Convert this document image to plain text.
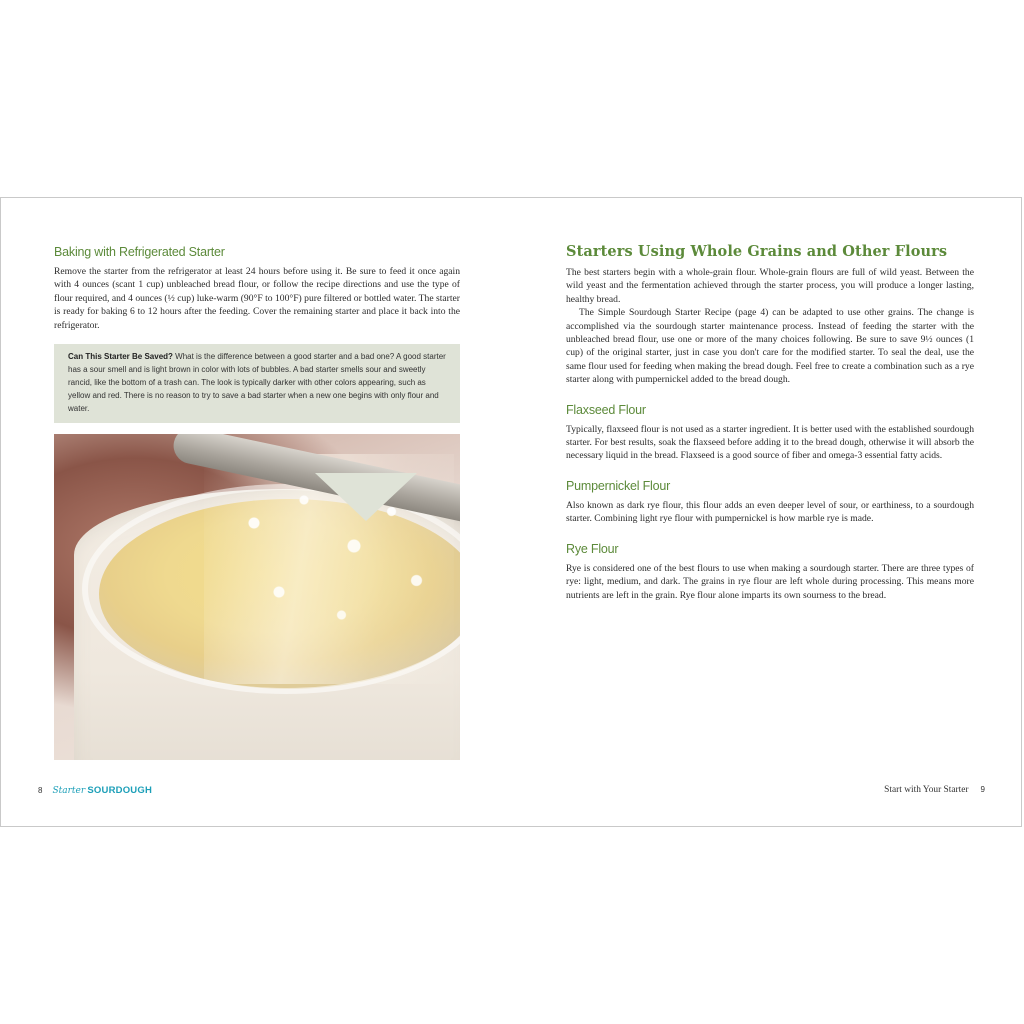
Baking with Refrigerated Starter

Remove the starter from the refrigerator at least 24 hours before using it. Be sure to feed it once again with 4 ounces (scant 1 cup) unbleached bread flour, or follow the recipe directions and use the type of flour required, and 4 ounces (½ cup) luke-warm (90°F to 100°F) pure filtered or bottled water. The starter is ready for baking 6 to 12 hours after the feeding. Cover the remaining starter and place it back into the refrigerator.

Can This Starter Be Saved? What is the difference between a good starter and a bad one? A good starter has a sour smell and is light brown in color with lots of bubbles. A bad starter smells sour and sweetly rancid, like the bottom of a trash can. The look is typically darker with other colors appearing, such as yellow and red. There is no reason to try to save a bad starter when a new one begins with only flour and water.
8 Starter SOURDOUGH
Starters Using Whole Grains and Other Flours

The best starters begin with a whole-grain flour. Whole-grain flours are full of wild yeast. Between the wild yeast and the fermentation achieved through the starter process, you will produce a longer lasting, healthy bread.

The Simple Sourdough Starter Recipe (page 4) can be adapted to use other grains. The change is accomplished via the sourdough starter maintenance process. Instead of feeding the starter with the unbleached bread flour, use one or more of the many choices following. Be sure to save 9½ ounces (1 cup) of the original starter, just in case you don't care for the modified starter. To seal the deal, use the same flour used for feeding when making the bread dough. Feel free to create a combination such as a rye starter along with pumpernickel added to the bread dough.

Flaxseed Flour

Typically, flaxseed flour is not used as a starter ingredient. It is better used with the established sourdough starter. For best results, soak the flaxseed before adding it to the bread dough, otherwise it will absorb the necessary liquid in the bread. Flaxseed is a good source of fiber and omega-3 essential fatty acids.

Pumpernickel Flour

Also known as dark rye flour, this flour adds an even deeper level of sour, or earthiness, to a sourdough starter. Combining light rye flour with pumpernickel is how marble rye is made.

Rye Flour

Rye is considered one of the best flours to use when making a sourdough starter. There are three types of rye: light, medium, and dark. The grains in rye flour are left whole during processing. This means more nutrients are left in the grain. Rye flour alone imparts its own sourness to the bread.

Start with Your Starter 9
